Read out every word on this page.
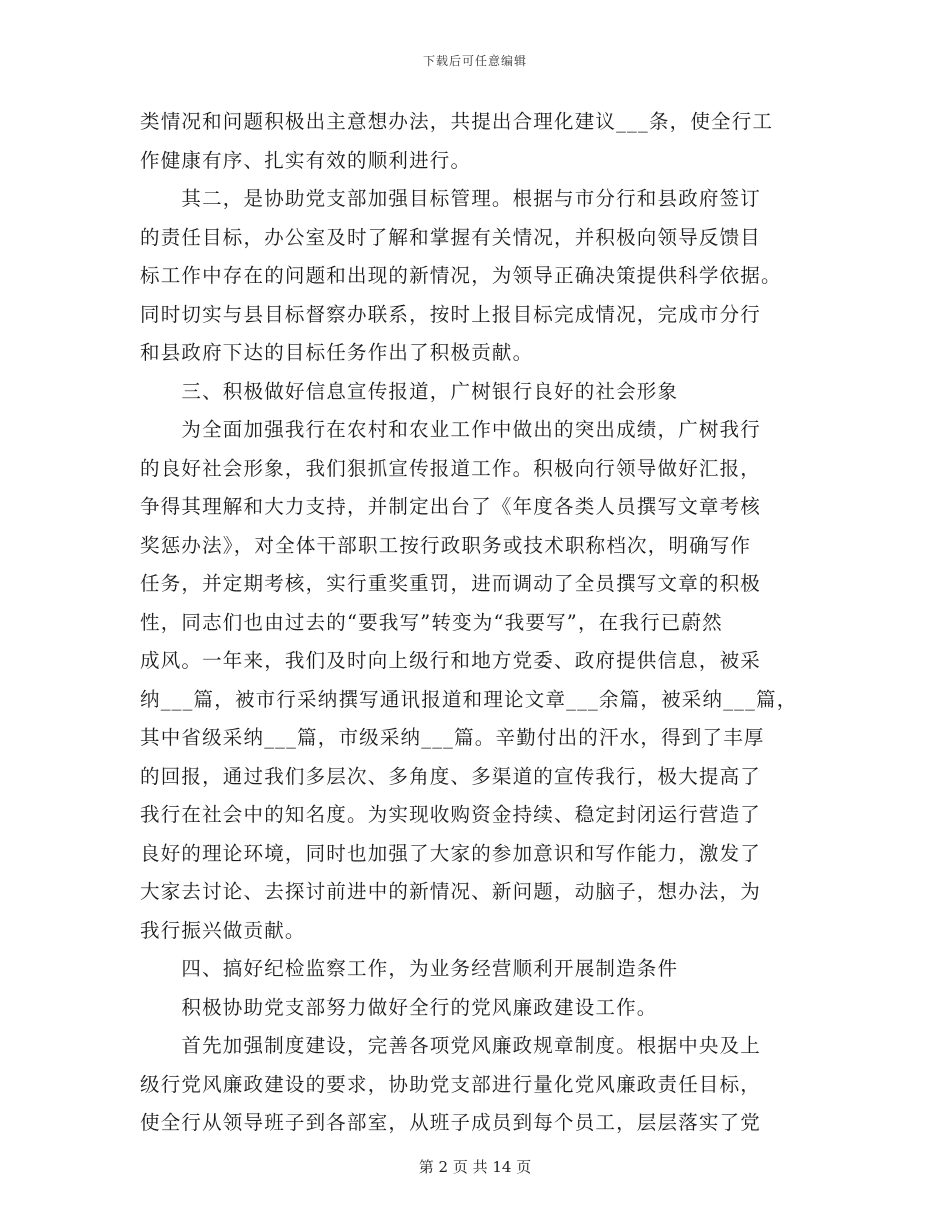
下载后可任意编辑
类情况和问题积极出主意想办法，共提出合理化建议___条，使全行工
作健康有序、扎实有效的顺利进行。
　　其二，是协助党支部加强目标管理。根据与市分行和县政府签订
的责任目标，办公室及时了解和掌握有关情况，并积极向领导反馈目
标工作中存在的问题和出现的新情况，为领导正确决策提供科学依据。
同时切实与县目标督察办联系，按时上报目标完成情况，完成市分行
和县政府下达的目标任务作出了积极贡献。
　　三、积极做好信息宣传报道，广树银行良好的社会形象
　　为全面加强我行在农村和农业工作中做出的突出成绩，广树我行
的良好社会形象，我们狠抓宣传报道工作。积极向行领导做好汇报，
争得其理解和大力支持，并制定出台了《年度各类人员撰写文章考核
奖惩办法》，对全体干部职工按行政职务或技术职称档次，明确写作
任务，并定期考核，实行重奖重罚，进而调动了全员撰写文章的积极
性，同志们也由过去的“要我写”转变为“我要写”，在我行已蔚然
成风。一年来，我们及时向上级行和地方党委、政府提供信息，被采
纳___篇，被市行采纳撰写通讯报道和理论文章___余篇，被采纳___篇，
其中省级采纳___篇，市级采纳___篇。辛勤付出的汗水，得到了丰厚
的回报，通过我们多层次、多角度、多渠道的宣传我行，极大提高了
我行在社会中的知名度。为实现收购资金持续、稳定封闭运行营造了
良好的理论环境，同时也加强了大家的参加意识和写作能力，激发了
大家去讨论、去探讨前进中的新情况、新问题，动脑子，想办法，为
我行振兴做贡献。
　　四、搞好纪检监察工作，为业务经营顺利开展制造条件
　　积极协助党支部努力做好全行的党风廉政建设工作。
　　首先加强制度建设，完善各项党风廉政规章制度。根据中央及上
级行党风廉政建设的要求，协助党支部进行量化党风廉政责任目标，
使全行从领导班子到各部室，从班子成员到每个员工，层层落实了党
第 2 页 共 14 页
